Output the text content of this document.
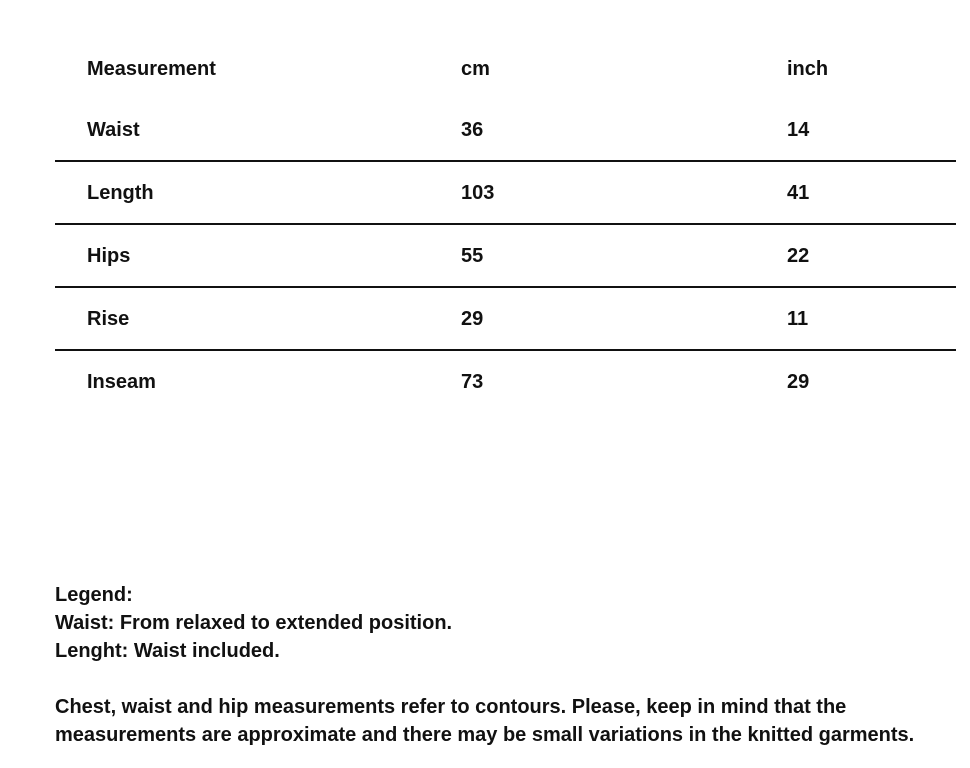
Measurement	cm	inch
Waist	36	14
Length	103	41
Hips	55	22
Rise	29	11
Inseam	73	29

Legend:

Waist: From relaxed to extended position.

Lenght: Waist included.

Chest, waist and hip measurements refer to contours. Please, keep in mind that the

measurements are approximate and there may be small variations in the knitted garments.
